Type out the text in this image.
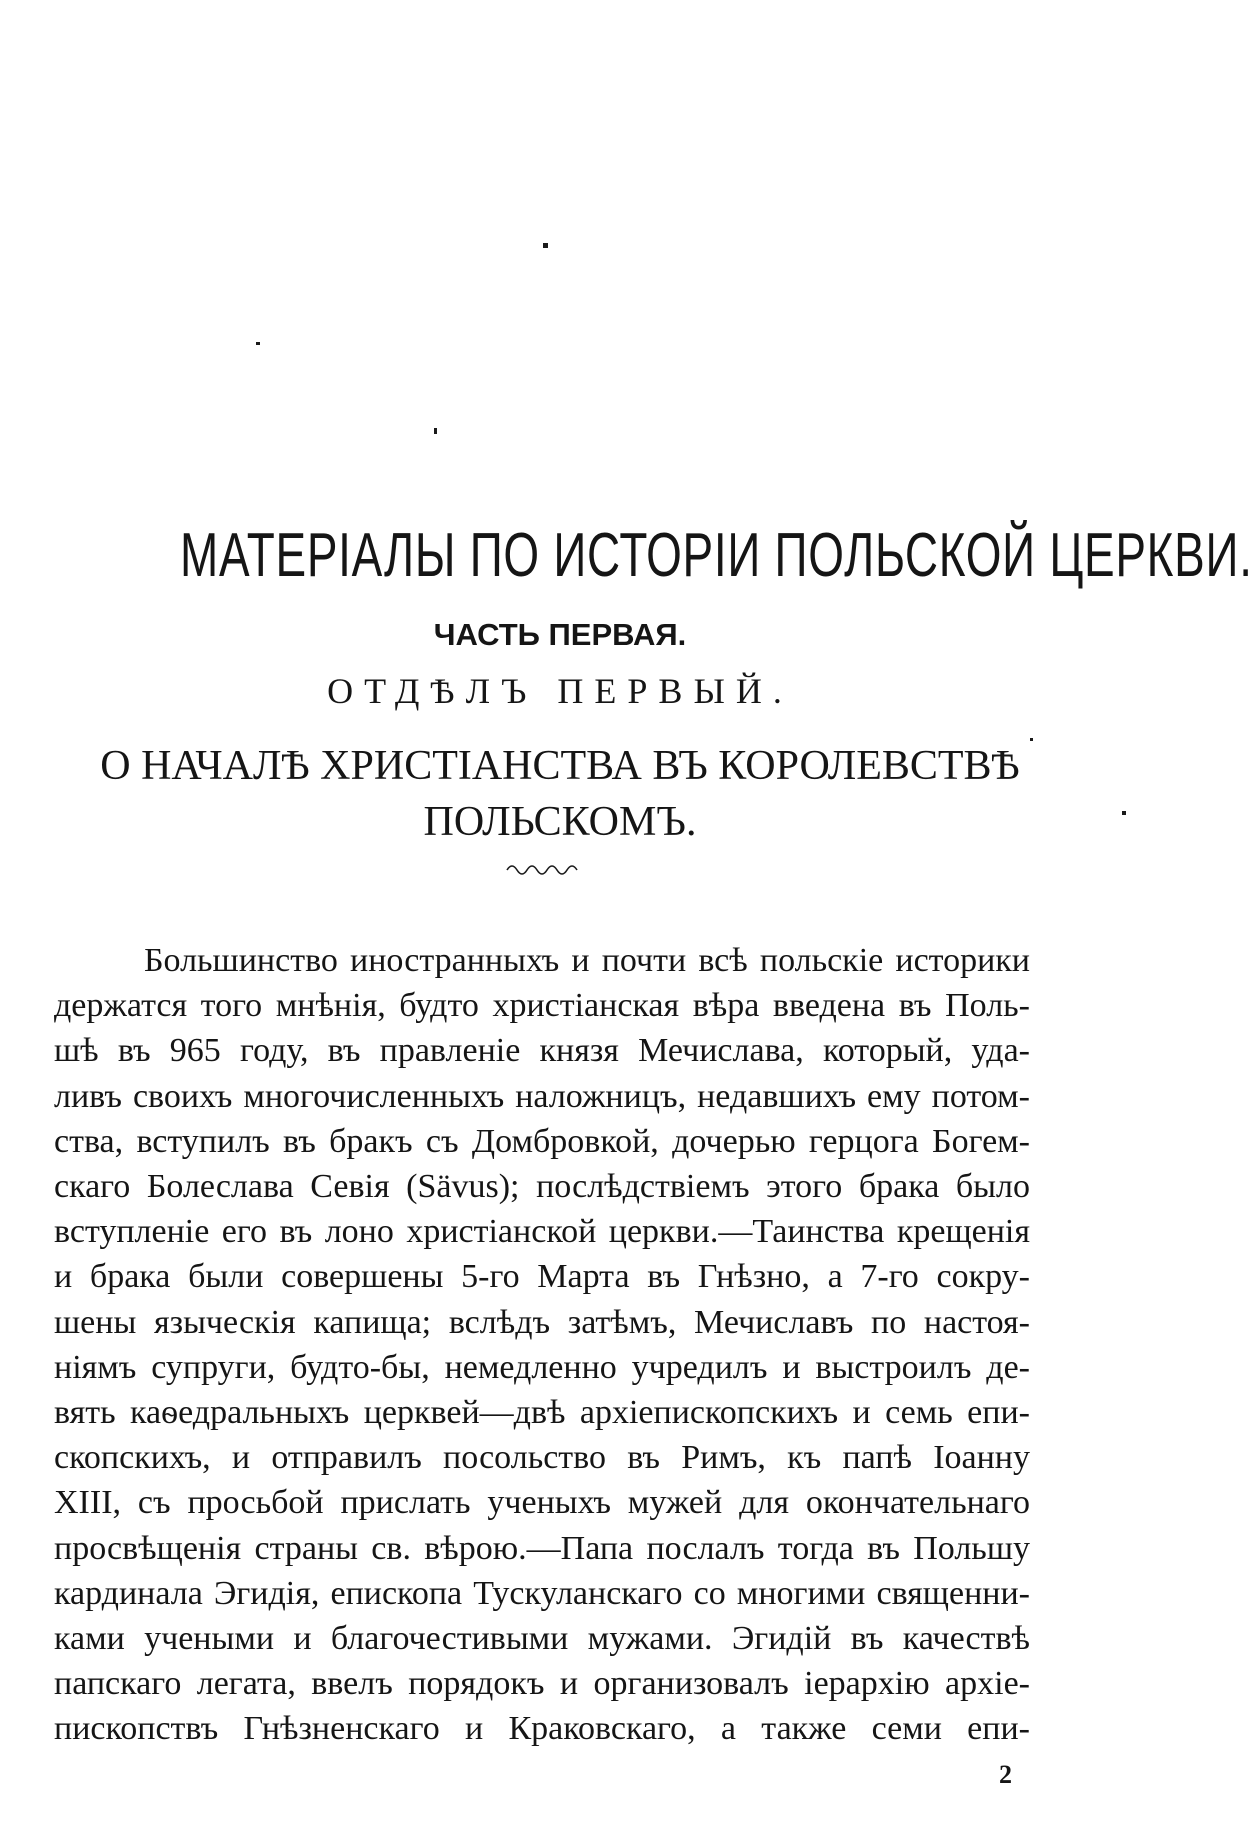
МАТЕРІАЛЫ ПО ИСТОРІИ ПОЛЬСКОЙ ЦЕРКВИ.
ЧАСТЬ ПЕРВАЯ.
ОТДѢЛЪ ПЕРВЫЙ.
О НАЧАЛѢ ХРИСТІАНСТВА ВЪ КОРОЛЕВСТВѢ
ПОЛЬСКОМЪ.
Большинство иностранныхъ и почти всѣ польскіе историки
держатся того мнѣнія, будто христіанская вѣра введена въ Поль-
шѣ въ 965 году, въ правленіе князя Мечислава, который, уда-
ливъ своихъ многочисленныхъ наложницъ, недавшихъ ему потом-
ства, вступилъ въ бракъ съ Домбровкой, дочерью герцога Богем-
скаго Болеслава Севія (Sävus); послѣдствіемъ этого брака было
вступленіе его въ лоно христіанской церкви.—Таинства крещенія
и брака были совершены 5-го Марта въ Гнѣзно, а 7-го сокру-
шены языческія капища; вслѣдъ затѣмъ, Мечиславъ по настоя-
ніямъ супруги, будто-бы, немедленно учредилъ и выстроилъ де-
вять каѳедральныхъ церквей—двѣ архіепископскихъ и семь епи-
скопскихъ, и отправилъ посольство въ Римъ, къ папѣ Іоанну
XIII, съ просьбой прислать ученыхъ мужей для окончательнаго
просвѣщенія страны св. вѣрою.—Папа послалъ тогда въ Польшу
кардинала Эгидія, епископа Тускуланскаго со многими священни-
ками учеными и благочестивыми мужами. Эгидій въ качествѣ
папскаго легата, ввелъ порядокъ и организовалъ іерархію архіе-
пископствъ Гнѣзненскаго и Краковскаго, а также семи епи-

2
